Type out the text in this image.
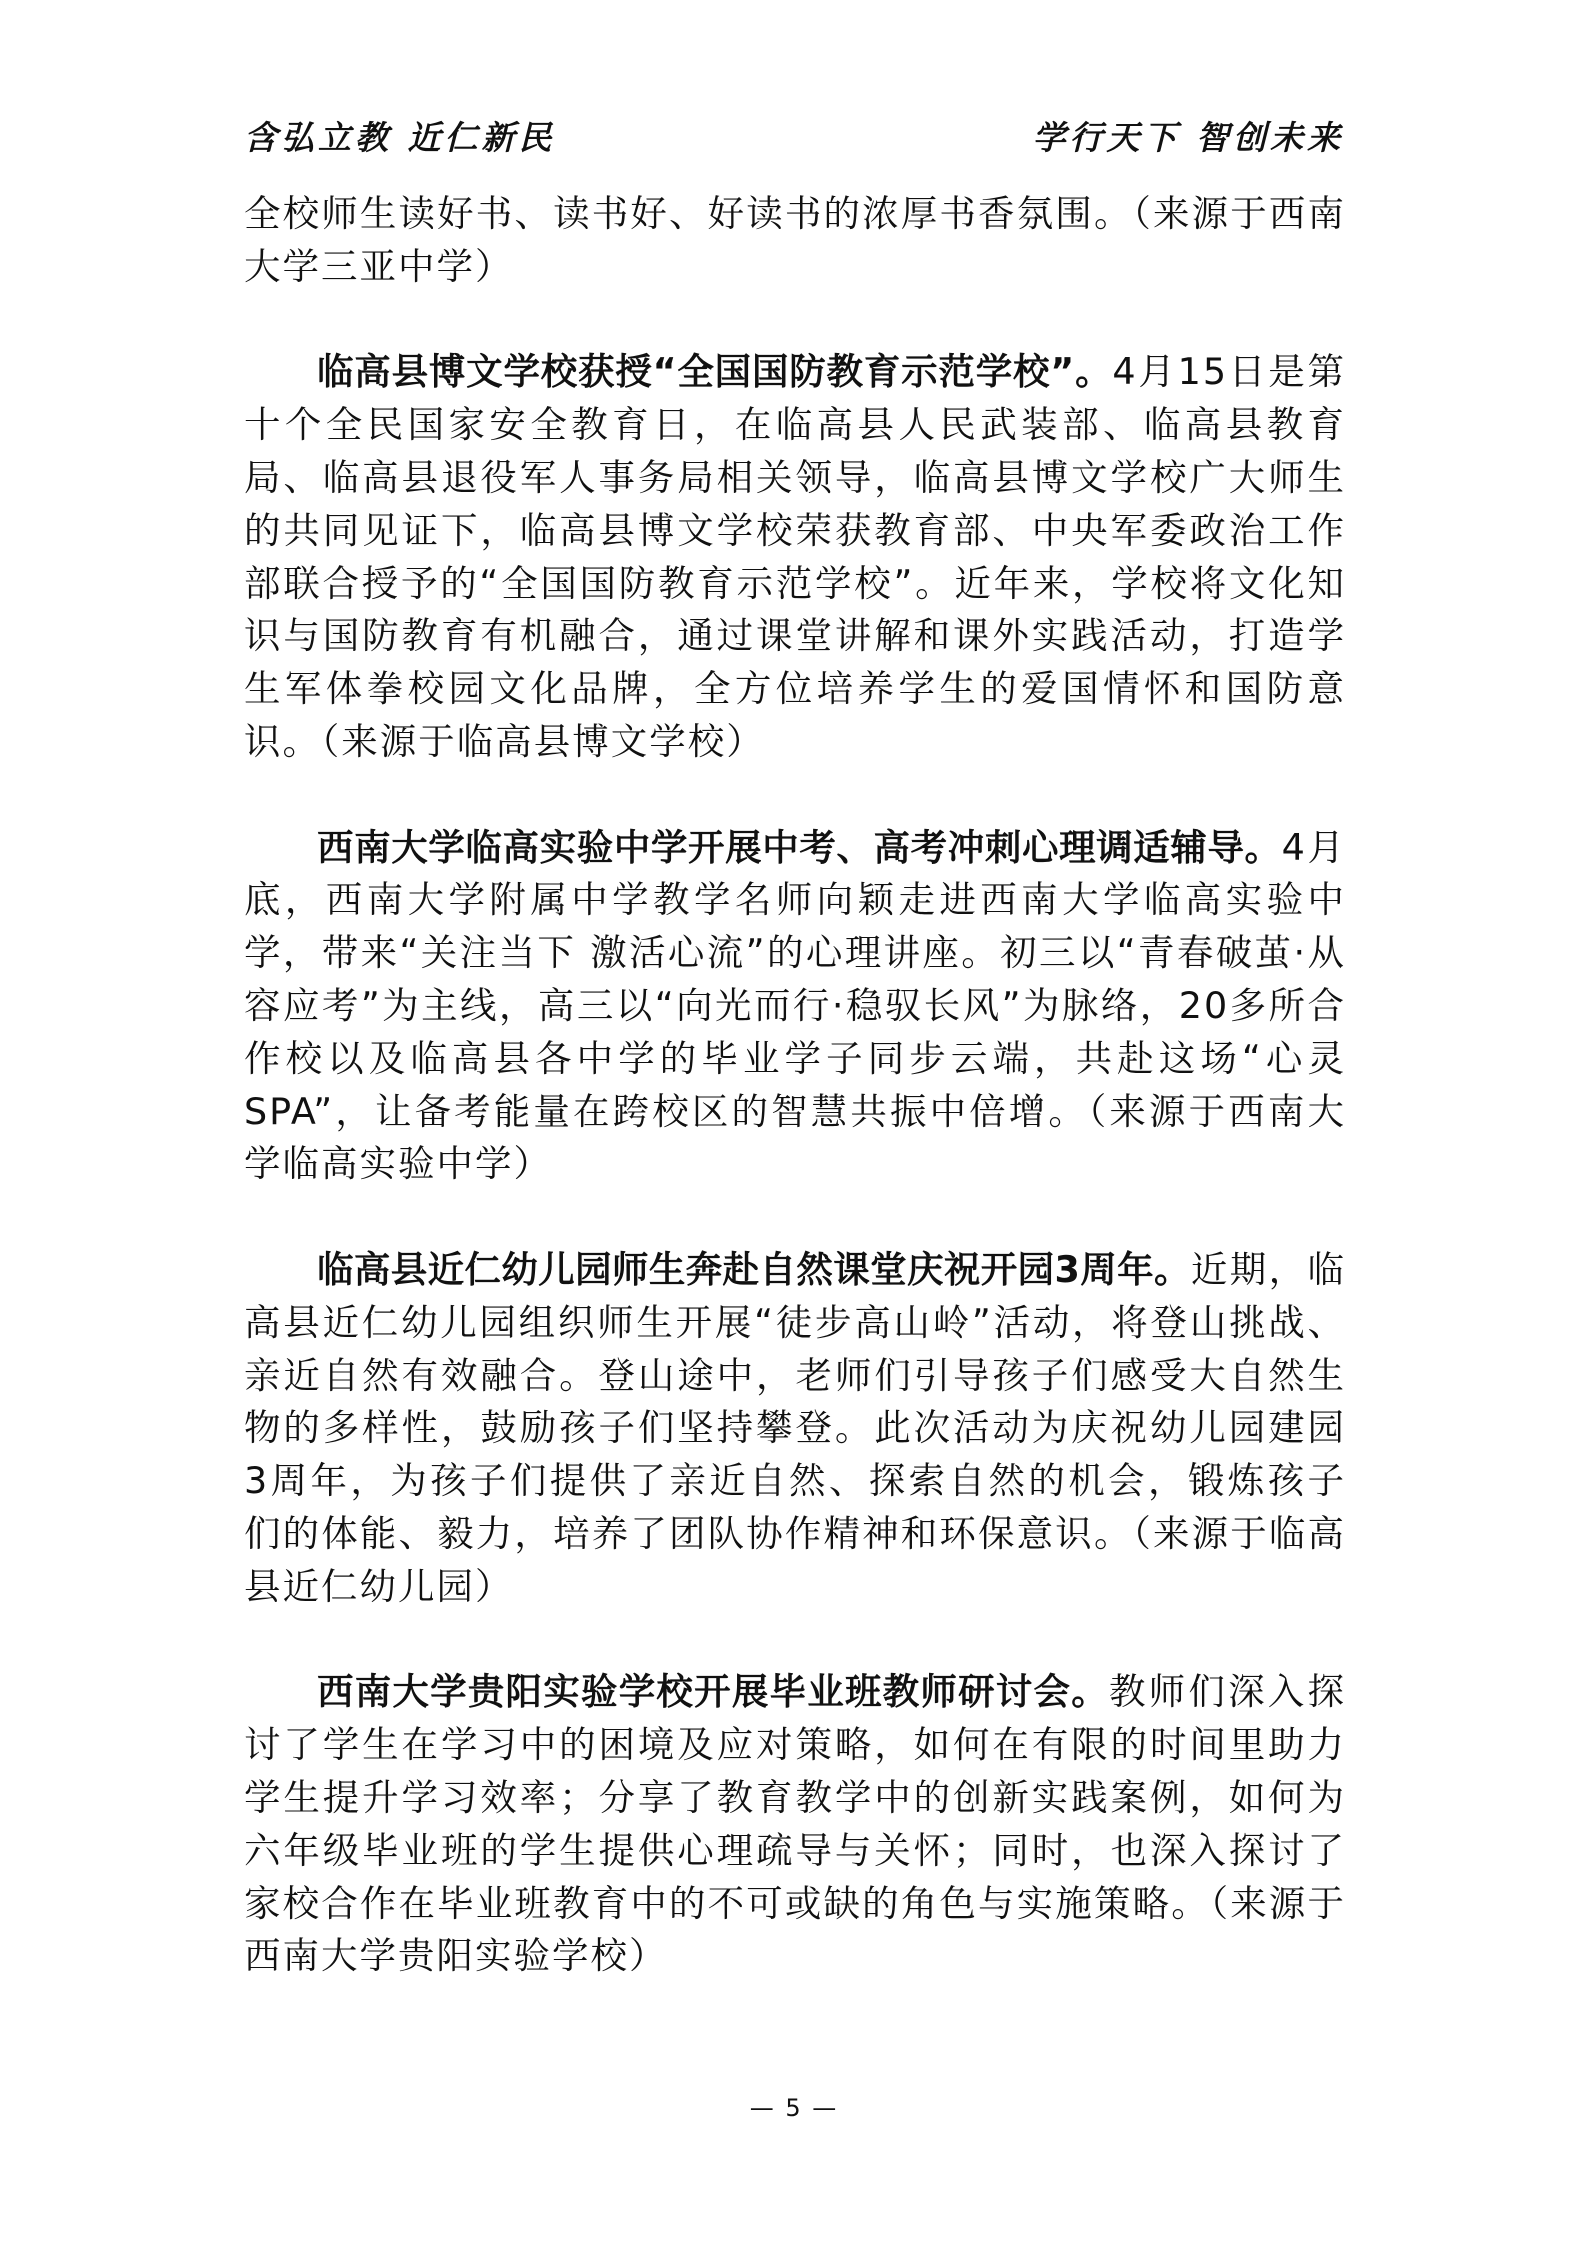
含弘立教 近仁新民	学行天下 智创未来

全校师生读好书、读书好、好读书的浓厚书香氛围。（来源于西南大学三亚中学）

临高县博文学校获授“全国国防教育示范学校”。4月15日是第十个全民国家安全教育日，在临高县人民武装部、临高县教育局、临高县退役军人事务局相关领导，临高县博文学校广大师生的共同见证下，临高县博文学校荣获教育部、中央军委政治工作部联合授予的“全国国防教育示范学校”。近年来，学校将文化知识与国防教育有机融合，通过课堂讲解和课外实践活动，打造学生军体拳校园文化品牌，全方位培养学生的爱国情怀和国防意识。（来源于临高县博文学校）

西南大学临高实验中学开展中考、高考冲刺心理调适辅导。4月底，西南大学附属中学教学名师向颖走进西南大学临高实验中学，带来“关注当下 激活心流”的心理讲座。初三以“青春破茧·从容应考”为主线，高三以“向光而行·稳驭长风”为脉络，20多所合作校以及临高县各中学的毕业学子同步云端，共赴这场“心灵SPA”，让备考能量在跨校区的智慧共振中倍增。（来源于西南大学临高实验中学）

临高县近仁幼儿园师生奔赴自然课堂庆祝开园3周年。近期，临高县近仁幼儿园组织师生开展“徒步高山岭”活动，将登山挑战、亲近自然有效融合。登山途中，老师们引导孩子们感受大自然生物的多样性，鼓励孩子们坚持攀登。此次活动为庆祝幼儿园建园3周年，为孩子们提供了亲近自然、探索自然的机会，锻炼孩子们的体能、毅力，培养了团队协作精神和环保意识。（来源于临高县近仁幼儿园）

西南大学贵阳实验学校开展毕业班教师研讨会。教师们深入探讨了学生在学习中的困境及应对策略，如何在有限的时间里助力学生提升学习效率；分享了教育教学中的创新实践案例，如何为六年级毕业班的学生提供心理疏导与关怀；同时，也深入探讨了家校合作在毕业班教育中的不可或缺的角色与实施策略。（来源于西南大学贵阳实验学校）

— 5 —
